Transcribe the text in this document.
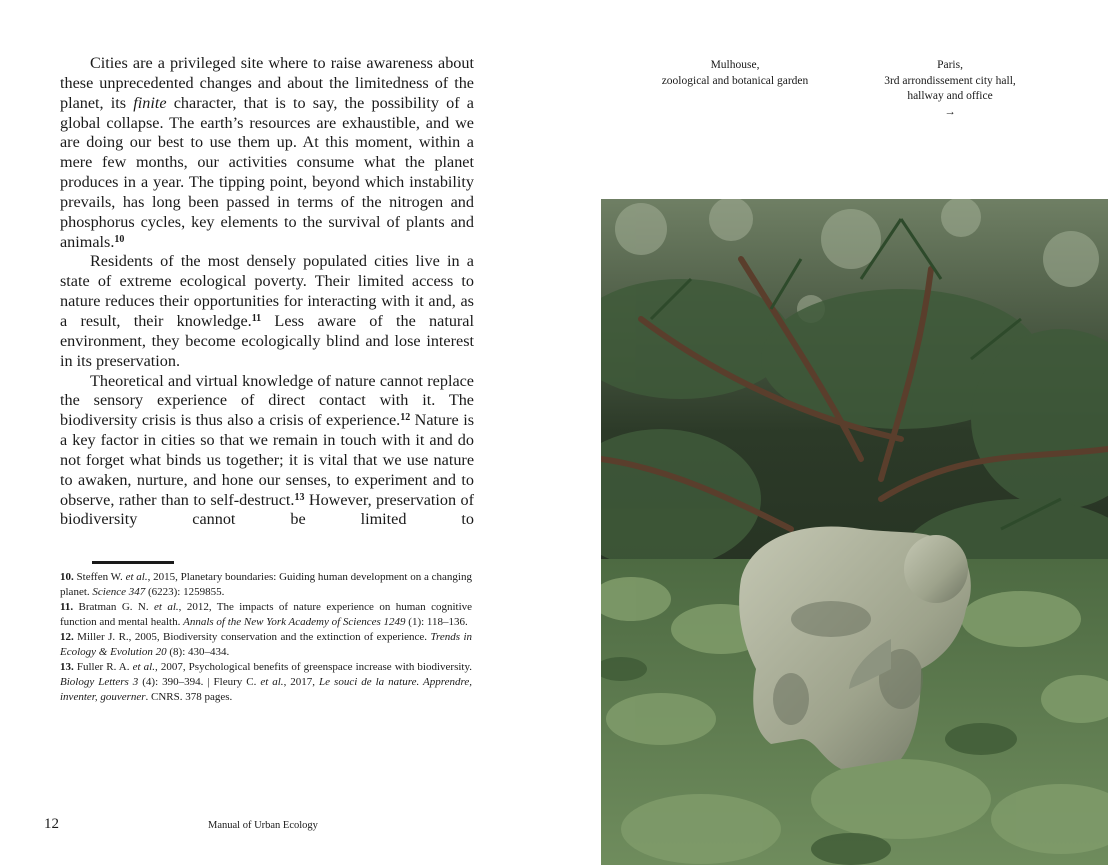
Cities are a privileged site where to raise awareness about these unprecedented changes and about the limitedness of the planet, its finite character, that is to say, the possibility of a global collapse. The earth’s resources are exhaustible, and we are doing our best to use them up. At this moment, within a mere few months, our activities consume what the planet produces in a year. The tipping point, beyond which instability prevails, has long been passed in terms of the nitrogen and phosphorus cycles, key elements to the survival of plants and animals.$^{10}$

Residents of the most densely populated cities live in a state of extreme ecological poverty. Their limited access to nature reduces their opportunities for interacting with it and, as a result, their knowledge.$^{11}$ Less aware of the natural environment, they become ecologically blind and lose interest in its preservation.

Theoretical and virtual knowledge of nature cannot replace the sensory experience of direct contact with it. The biodiversity crisis is thus also a crisis of experience.$^{12}$ Nature is a key factor in cities so that we remain in touch with it and do not forget what binds us together; it is vital that we use nature to awaken, nurture, and hone our senses, to experiment and to observe, rather than to self-destruct.$^{13}$ However, preservation of biodiversity cannot be limited to

10. Steffen W. et al., 2015, Planetary boundaries: Guiding human development on a changing planet. Science 347 (6223): 1259855.

11. Bratman G. N. et al., 2012, The impacts of nature experience on human cognitive function and mental health. Annals of the New York Academy of Sciences 1249 (1): 118–136.

12. Miller J. R., 2005, Biodiversity conservation and the extinction of experience. Trends in Ecology & Evolution 20 (8): 430–434.

13. Fuller R. A. et al., 2007, Psychological benefits of greenspace increase with biodiversity. Biology Letters 3 (4): 390–394. | Fleury C. et al., 2017, Le souci de la nature. Apprendre, inventer, gouverner. CNRS. 378 pages.

12	Manual of Urban Ecology
Mulhouse,
zoological and botanical garden
Paris,
3rd arrondissement city hall,
hallway and office
→
